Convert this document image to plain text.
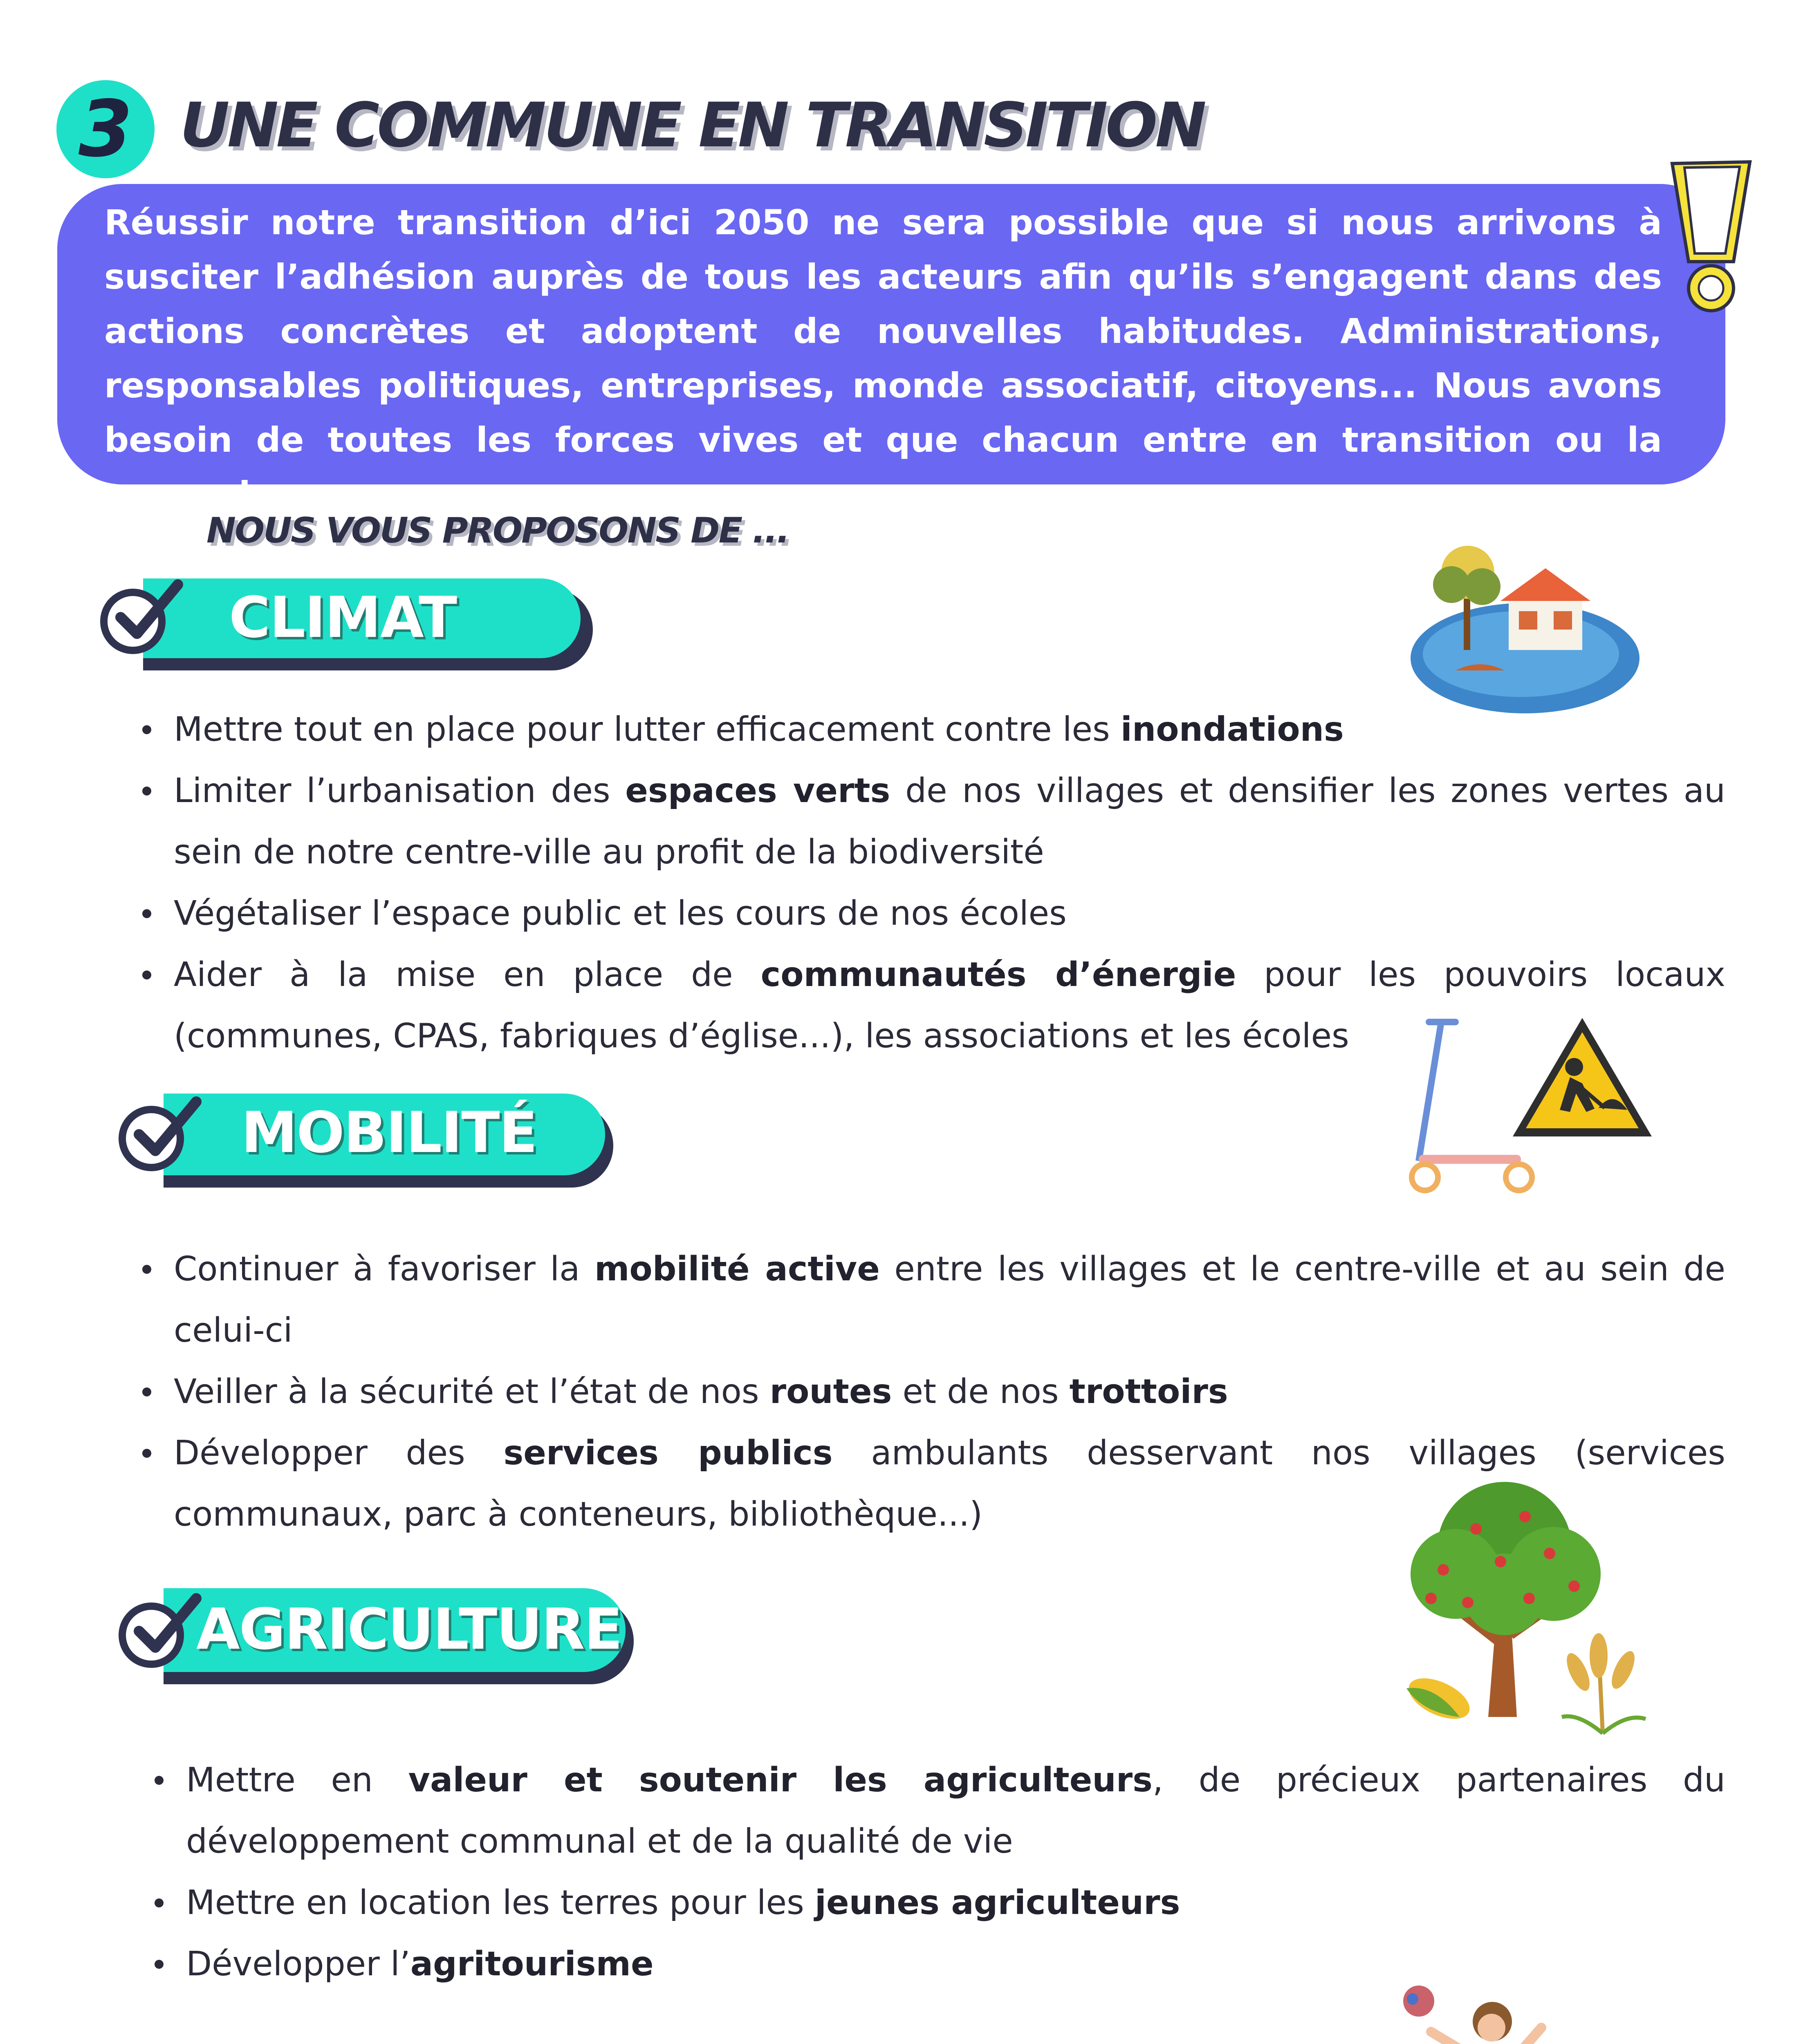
3 UNE COMMUNE EN TRANSITION
Réussir notre transition d’ici 2050 ne sera possible que si nous arrivons à susciter l’adhésion auprès de tous les acteurs afin qu’ils s’engagent dans des actions concrètes et adoptent de nouvelles habitudes. Administrations, responsables politiques, entreprises, monde associatif, citoyens... Nous avons besoin de toutes les forces vives et que chacun entre en transition ou la poursuive.
NOUS VOUS PROPOSONS DE ...
CLIMAT
Mettre tout en place pour lutter efficacement contre les inondations
Limiter l’urbanisation des espaces verts de nos villages et densifier les zones vertes au sein de notre centre-ville au profit de la biodiversité
Végétaliser l’espace public et les cours de nos écoles
Aider à la mise en place de communautés d’énergie pour les pouvoirs locaux (communes, CPAS, fabriques d’église...), les associations et les écoles
MOBILITÉ
Continuer à favoriser la mobilité active entre les villages et le centre-ville et au sein de celui-ci
Veiller à la sécurité et l’état de nos routes et de nos trottoirs
Développer des services publics ambulants desservant nos villages (services communaux, parc à conteneurs, bibliothèque...)
AGRICULTURE
Mettre en valeur et soutenir les agriculteurs, de précieux partenaires du développement communal et de la qualité de vie
Mettre en location les terres pour les jeunes agriculteurs
Développer l’agritourisme
